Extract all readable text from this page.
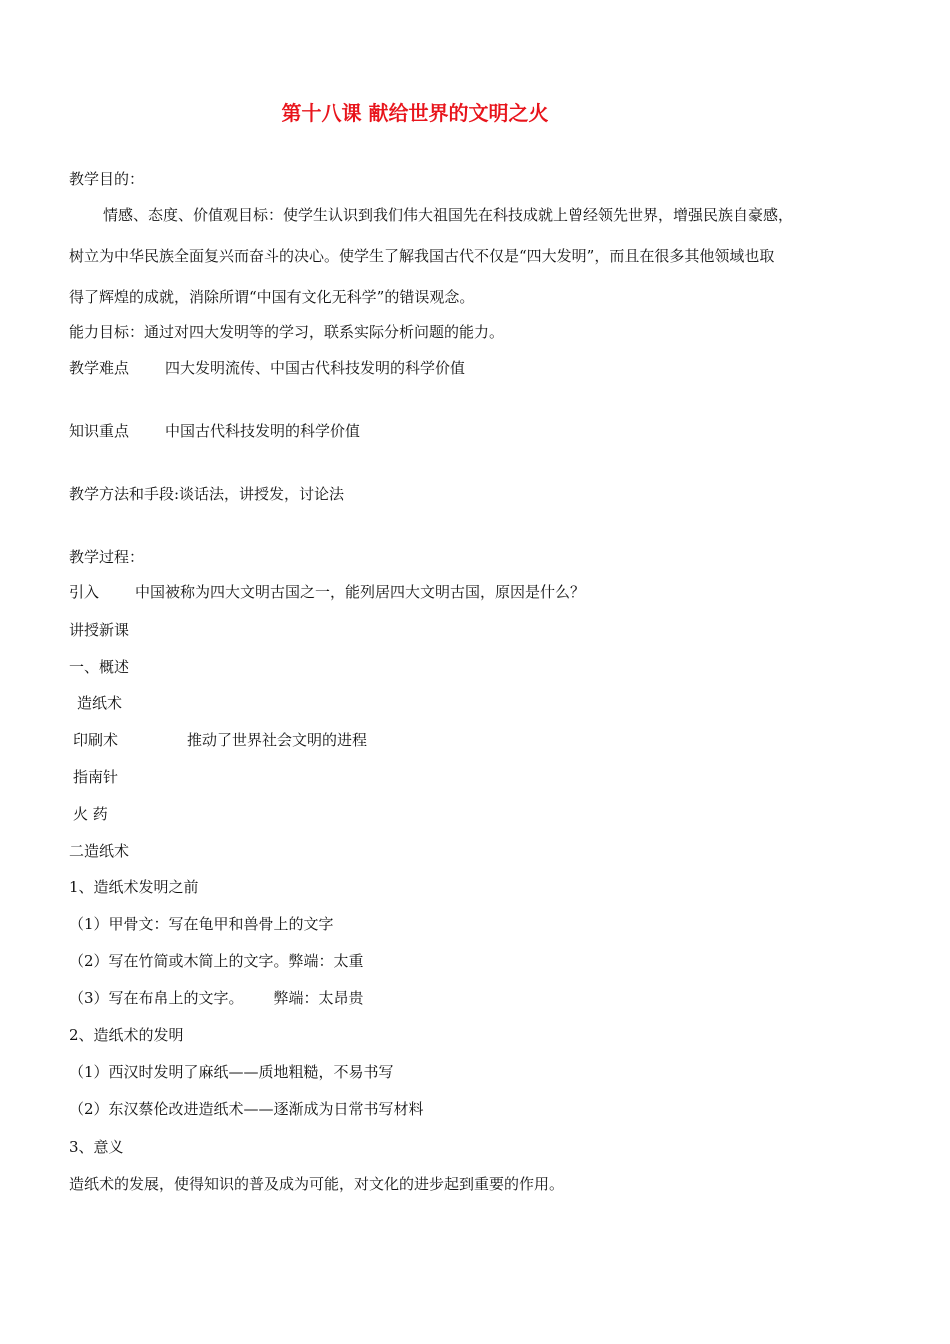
第十八课 献给世界的文明之火
教学目的：
情感、态度、价值观目标：使学生认识到我们伟大祖国先在科技成就上曾经领先世界，增强民族自豪感，
树立为中华民族全面复兴而奋斗的决心。使学生了解我国古代不仅是“四大发明”，而且在很多其他领域也取
得了辉煌的成就，消除所谓“中国有文化无科学”的错误观念。
能力目标：通过对四大发明等的学习，联系实际分析问题的能力。
教学难点 四大发明流传、中国古代科技发明的科学价值
知识重点 中国古代科技发明的科学价值
教学方法和手段:谈话法，讲授发，讨论法
教学过程：
引入 中国被称为四大文明古国之一，能列居四大文明古国，原因是什么？
讲授新课
一、概述
造纸术
印刷术	推动了世界社会文明的进程
指南针
火 药
二造纸术
1、造纸术发明之前
（1）甲骨文：写在龟甲和兽骨上的文字
（2）写在竹简或木简上的文字。弊端：太重
（3）写在布帛上的文字。 弊端：太昂贵
2、造纸术的发明
（1）西汉时发明了麻纸——质地粗糙，不易书写
（2）东汉蔡伦改进造纸术——逐渐成为日常书写材料
3、意义
造纸术的发展，使得知识的普及成为可能，对文化的进步起到重要的作用。
